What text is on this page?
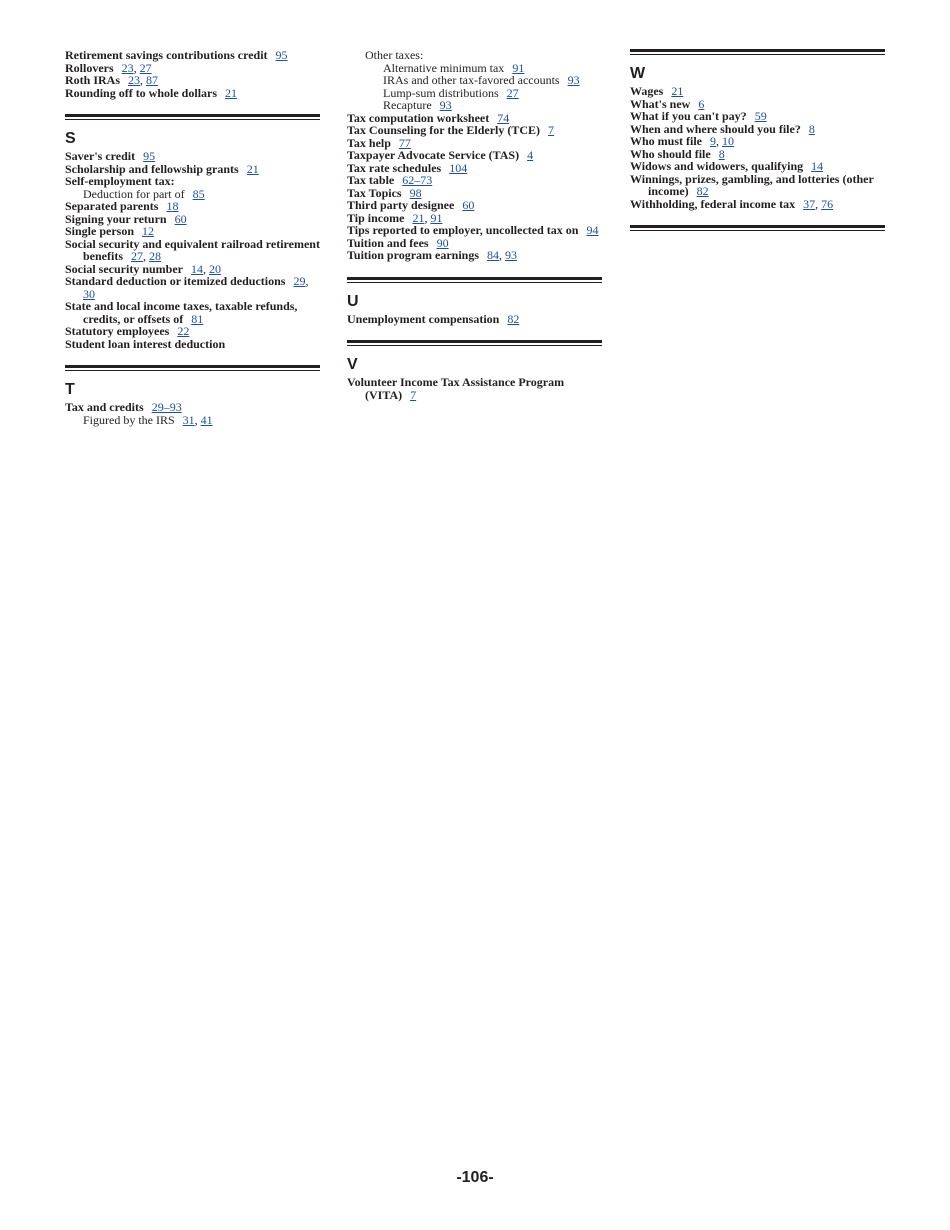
Retirement savings contributions credit 95
Rollovers 23, 27
Roth IRAs 23, 87
Rounding off to whole dollars 21
S
Saver's credit 95
Scholarship and fellowship grants 21
Self-employment tax:
Deduction for part of 85
Separated parents 18
Signing your return 60
Single person 12
Social security and equivalent railroad retirement benefits 27, 28
Social security number 14, 20
Standard deduction or itemized deductions 29, 30
State and local income taxes, taxable refunds, credits, or offsets of 81
Statutory employees 22
Student loan interest deduction
T
Tax and credits 29–93
Figured by the IRS 31, 41
Other taxes:
Alternative minimum tax 91
IRAs and other tax-favored accounts 93
Lump-sum distributions 27
Recapture 93
Tax computation worksheet 74
Tax Counseling for the Elderly (TCE) 7
Tax help 77
Taxpayer Advocate Service (TAS) 4
Tax rate schedules 104
Tax table 62–73
Tax Topics 98
Third party designee 60
Tip income 21, 91
Tips reported to employer, uncollected tax on 94
Tuition and fees 90
Tuition program earnings 84, 93
U
Unemployment compensation 82
V
Volunteer Income Tax Assistance Program (VITA) 7
W
Wages 21
What's new 6
What if you can't pay? 59
When and where should you file? 8
Who must file 9, 10
Who should file 8
Widows and widowers, qualifying 14
Winnings, prizes, gambling, and lotteries (other income) 82
Withholding, federal income tax 37, 76
-106-
